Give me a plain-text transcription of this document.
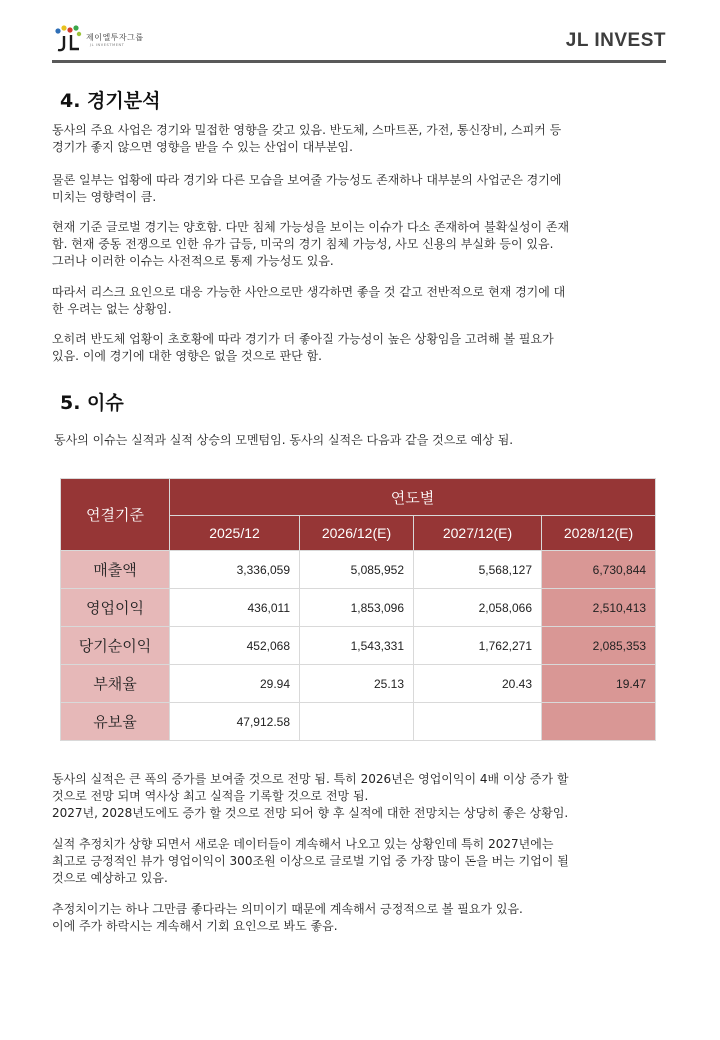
제이엘투자그룹
JL INVESTMENT	JL INVEST
4. 경기분석

동사의 주요 사업은 경기와 밀접한 영향을 갖고 있음. 반도체, 스마트폰, 가전, 통신장비, 스피커 등
경기가 좋지 않으면 영향을 받을 수 있는 산업이 대부분임.

물론 일부는 업황에 따라 경기와 다른 모습을 보여줄 가능성도 존재하나 대부분의 사업군은 경기에
미치는 영향력이 큼.

현재 기준 글로벌 경기는 양호함. 다만 침체 가능성을 보이는 이슈가 다소 존재하여 불확실성이 존재
함. 현재 중동 전쟁으로 인한 유가 급등, 미국의 경기 침체 가능성, 사모 신용의 부실화 등이 있음.
그러나 이러한 이슈는 사전적으로 통제 가능성도 있음.

따라서 리스크 요인으로 대응 가능한 사안으로만 생각하면 좋을 것 같고 전반적으로 현재 경기에 대
한 우려는 없는 상황임.

오히려 반도체 업황이 초호황에 따라 경기가 더 좋아질 가능성이 높은 상황임을 고려해 볼 필요가
있음. 이에 경기에 대한 영향은 없을 것으로 판단 함.

5. 이슈

동사의 이슈는 실적과 실적 상승의 모멘텀임. 동사의 실적은 다음과 같을 것으로 예상 됨.

연결기준	연도별			
	2025/12	2026/12(E)	2027/12(E)	2028/12(E)
매출액	3,336,059	5,085,952	5,568,127	6,730,844
영업이익	436,011	1,853,096	2,058,066	2,510,413
당기순이익	452,068	1,543,331	1,762,271	2,085,353
부채율	29.94	25.13	20.43	19.47
유보율	47,912.58			

동사의 실적은 큰 폭의 증가를 보여줄 것으로 전망 됨. 특히 2026년은 영업이익이 4배 이상 증가 할
것으로 전망 되며 역사상 최고 실적을 기록할 것으로 전망 됨.
2027년, 2028년도에도 증가 할 것으로 전망 되어 향 후 실적에 대한 전망치는 상당히 좋은 상황임.

실적 추정치가 상향 되면서 새로운 데이터들이 계속해서 나오고 있는 상황인데 특히 2027년에는
최고로 긍정적인 뷰가 영업이익이 300조원 이상으로 글로벌 기업 중 가장 많이 돈을 버는 기업이 될
것으로 예상하고 있음.

추정치이기는 하나 그만큼 좋다라는 의미이기 때문에 계속해서 긍정적으로 볼 필요가 있음.
이에 주가 하락시는 계속해서 기회 요인으로 봐도 좋음.
